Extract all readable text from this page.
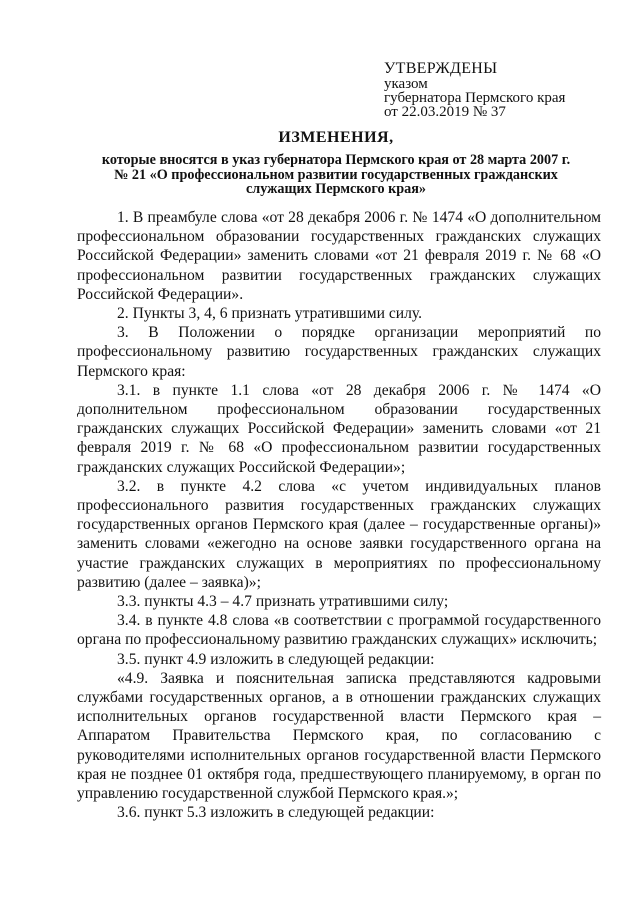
УТВЕРЖДЕНЫ
указом
губернатора Пермского края
от 22.03.2019 № 37
ИЗМЕНЕНИЯ,
которые вносятся в указ губернатора Пермского края от 28 марта 2007 г.
№ 21 «О профессиональном развитии государственных гражданских
служащих Пермского края»

1. В преамбуле слова «от 28 декабря 2006 г. № 1474 «О дополнительном профессиональном образовании государственных гражданских служащих Российской Федерации» заменить словами «от 21 февраля 2019 г. № 68 «О профессиональном развитии государственных гражданских служащих Российской Федерации».

2. Пункты 3, 4, 6 признать утратившими силу.

3. В Положении о порядке организации мероприятий по профессиональному развитию государственных гражданских служащих Пермского края:

3.1. в пункте 1.1 слова «от 28 декабря 2006 г. № 1474 «О дополнительном профессиональном образовании государственных гражданских служащих Российской Федерации» заменить словами «от 21 февраля 2019 г. № 68 «О профессиональном развитии государственных гражданских служащих Российской Федерации»;

3.2. в пункте 4.2 слова «с учетом индивидуальных планов профессионального развития государственных гражданских служащих государственных органов Пермского края (далее – государственные органы)» заменить словами «ежегодно на основе заявки государственного органа на участие гражданских служащих в мероприятиях по профессиональному развитию (далее – заявка)»;

3.3. пункты 4.3 – 4.7 признать утратившими силу;

3.4. в пункте 4.8 слова «в соответствии с программой государственного органа по профессиональному развитию гражданских служащих» исключить;

3.5. пункт 4.9 изложить в следующей редакции:

«4.9. Заявка и пояснительная записка представляются кадровыми службами государственных органов, а в отношении гражданских служащих исполнительных органов государственной власти Пермского края – Аппаратом Правительства Пермского края, по согласованию с руководителями исполнительных органов государственной власти Пермского края не позднее 01 октября года, предшествующего планируемому, в орган по управлению государственной службой Пермского края.»;

3.6. пункт 5.3 изложить в следующей редакции:
